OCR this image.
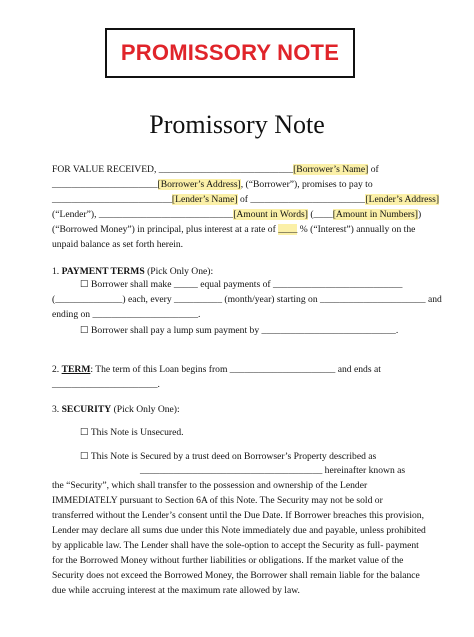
PROMISSORY NOTE
Promissory Note
FOR VALUE RECEIVED, ____________________________[Borrower’s Name] of
______________________[Borrower’s Address], (“Borrower”), promises to pay to
_________________________[Lender’s Name] of ________________________[Lender’s Address]
(“Lender”), ____________________________[Amount in Words] (____[Amount in Numbers])
(“Borrowed Money”) in principal, plus interest at a rate of ____ % (“Interest”) annually on the
unpaid balance as set forth herein.
1. PAYMENT TERMS (Pick Only One):
☐ Borrower shall make _____ equal payments of ___________________________
(______________) each, every __________ (month/year) starting on ______________________ and
ending on ______________________.
☐ Borrower shall pay a lump sum payment by ____________________________.
2. TERM: The term of this Loan begins from ______________________ and ends at
______________________.
3. SECURITY (Pick Only One):
☐ This Note is Unsecured.
☐ This Note is Secured by a trust deed on Borrowser’s Property described as
______________________________________ hereinafter known as
the “Security”, which shall transfer to the possession and ownership of the Lender
IMMEDIATELY pursuant to Section 6A of this Note. The Security may not be sold or
transferred without the Lender’s consent until the Due Date. If Borrower breaches this provision,
Lender may declare all sums due under this Note immediately due and payable, unless prohibited
by applicable law. The Lender shall have the sole-option to accept the Security as full- payment
for the Borrowed Money without further liabilities or obligations. If the market value of the
Security does not exceed the Borrowed Money, the Borrower shall remain liable for the balance
due while accruing interest at the maximum rate allowed by law.
